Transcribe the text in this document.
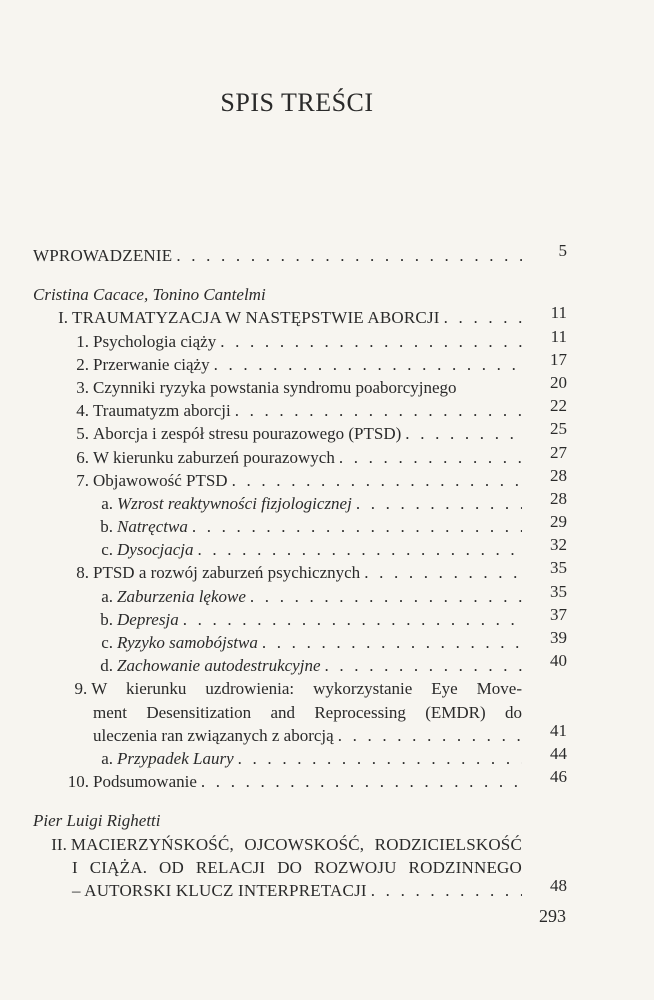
SPIS TREŚCI
WPROWADZENIE . . .	5
Cristina Cacace, Tonino Cantelmi
I. TRAUMATYZACJA W NASTĘPSTWIE ABORCJI . . .	11
1. Psychologia ciąży . . .	11
2. Przerwanie ciąży . . .	17
3. Czynniki ryzyka powstania syndromu poaborcyjnego	20
4. Traumatyzm aborcji . . .	22
5. Aborcja i zespół stresu pourazowego (PTSD) . . .	25
6. W kierunku zaburzeń pourazowych . . .	27
7. Objawowość PTSD . . .	28
a. Wzrost reaktywności fizjologicznej . . .	28
b. Natręctwa . . .	29
c. Dysocjacja . . .	32
8. PTSD a rozwój zaburzeń psychicznych . . .	35
a. Zaburzenia lękowe . . .	35
b. Depresja . . .	37
c. Ryzyko samobójstwa . . .	39
d. Zachowanie autodestrukcyjne . . .	40
9. W kierunku uzdrowienia: wykorzystanie Eye Move-
ment Desensitization and Reprocessing (EMDR) do
uleczenia ran związanych z aborcją . . .	41
a. Przypadek Laury . . .	44
10. Podsumowanie . . .	46
Pier Luigi Righetti
II. MACIERZYŃSKOŚĆ, OJCOWSKOŚĆ, RODZICIELSKOŚĆ
I CIĄŻA. OD RELACJI DO ROZWOJU RODZINNEGO
– AUTORSKI KLUCZ INTERPRETACJI . . .	48
293
